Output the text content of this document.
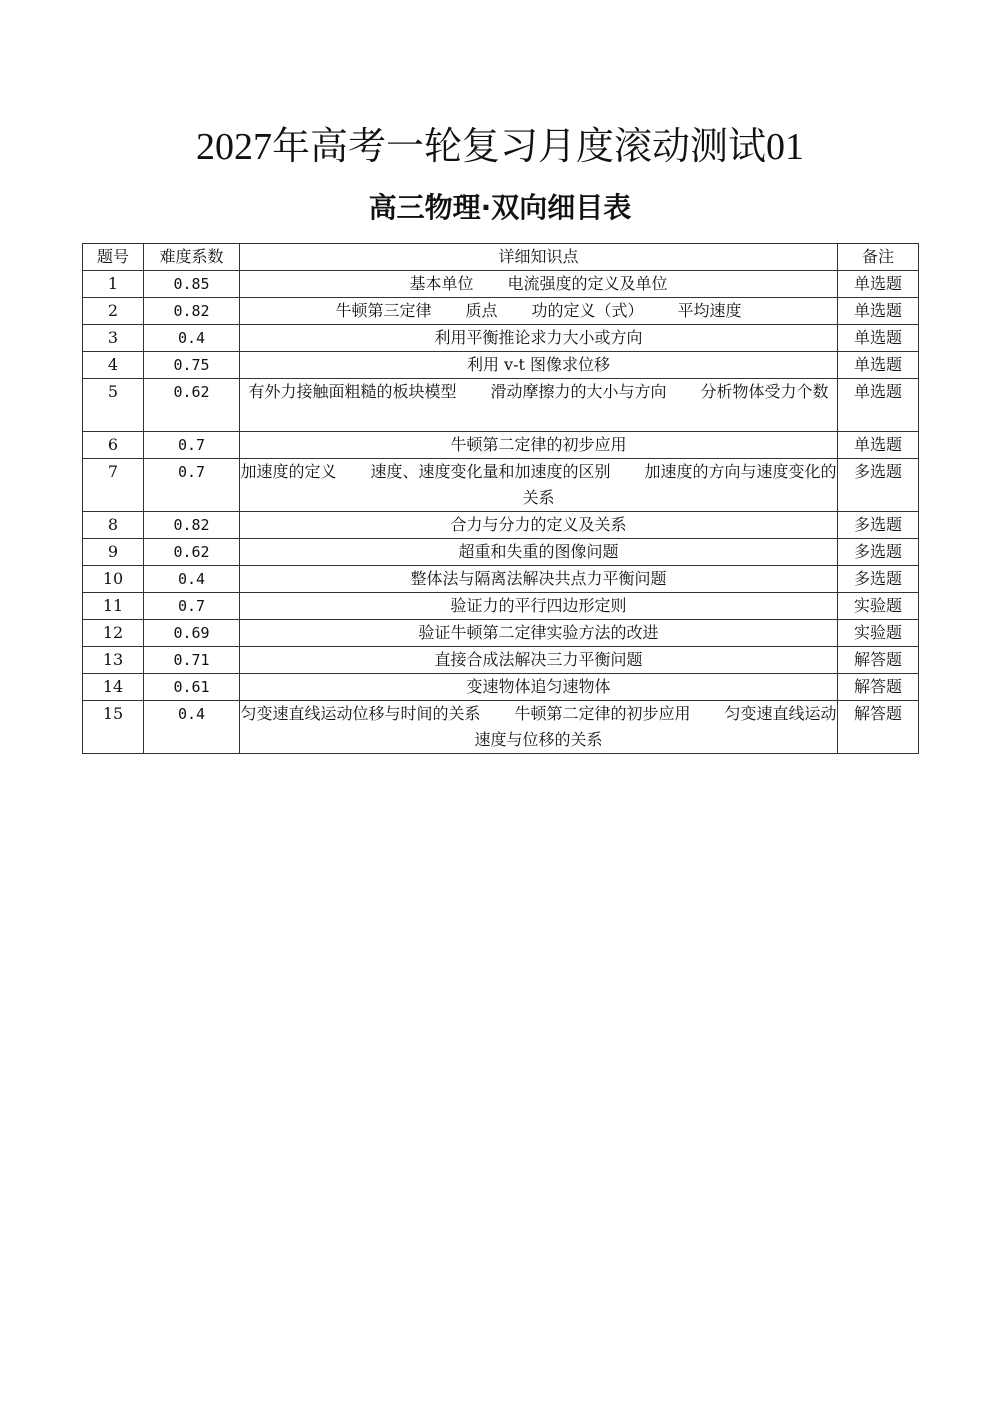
2027年高考一轮复习月度滚动测试01
高三物理·双向细目表
题号	难度系数	详细知识点	备注
1	0.85	基本单位 电流强度的定义及单位	单选题
2	0.82	牛顿第三定律 质点 功的定义（式） 平均速度	单选题
3	0.4	利用平衡推论求力大小或方向	单选题
4	0.75	利用 v-t 图像求位移	单选题
5	0.62	有外力接触面粗糙的板块模型 滑动摩擦力的大小与方向 分析物体受力个数	单选题
6	0.7	牛顿第二定律的初步应用	单选题
7	0.7	加速度的定义 速度、速度变化量和加速度的区别 加速度的方向与速度变化的关系	多选题
8	0.82	合力与分力的定义及关系	多选题
9	0.62	超重和失重的图像问题	多选题
10	0.4	整体法与隔离法解决共点力平衡问题	多选题
11	0.7	验证力的平行四边形定则	实验题
12	0.69	验证牛顿第二定律实验方法的改进	实验题
13	0.71	直接合成法解决三力平衡问题	解答题
14	0.61	变速物体追匀速物体	解答题
15	0.4	匀变速直线运动位移与时间的关系 牛顿第二定律的初步应用 匀变速直线运动速度与位移的关系	解答题
